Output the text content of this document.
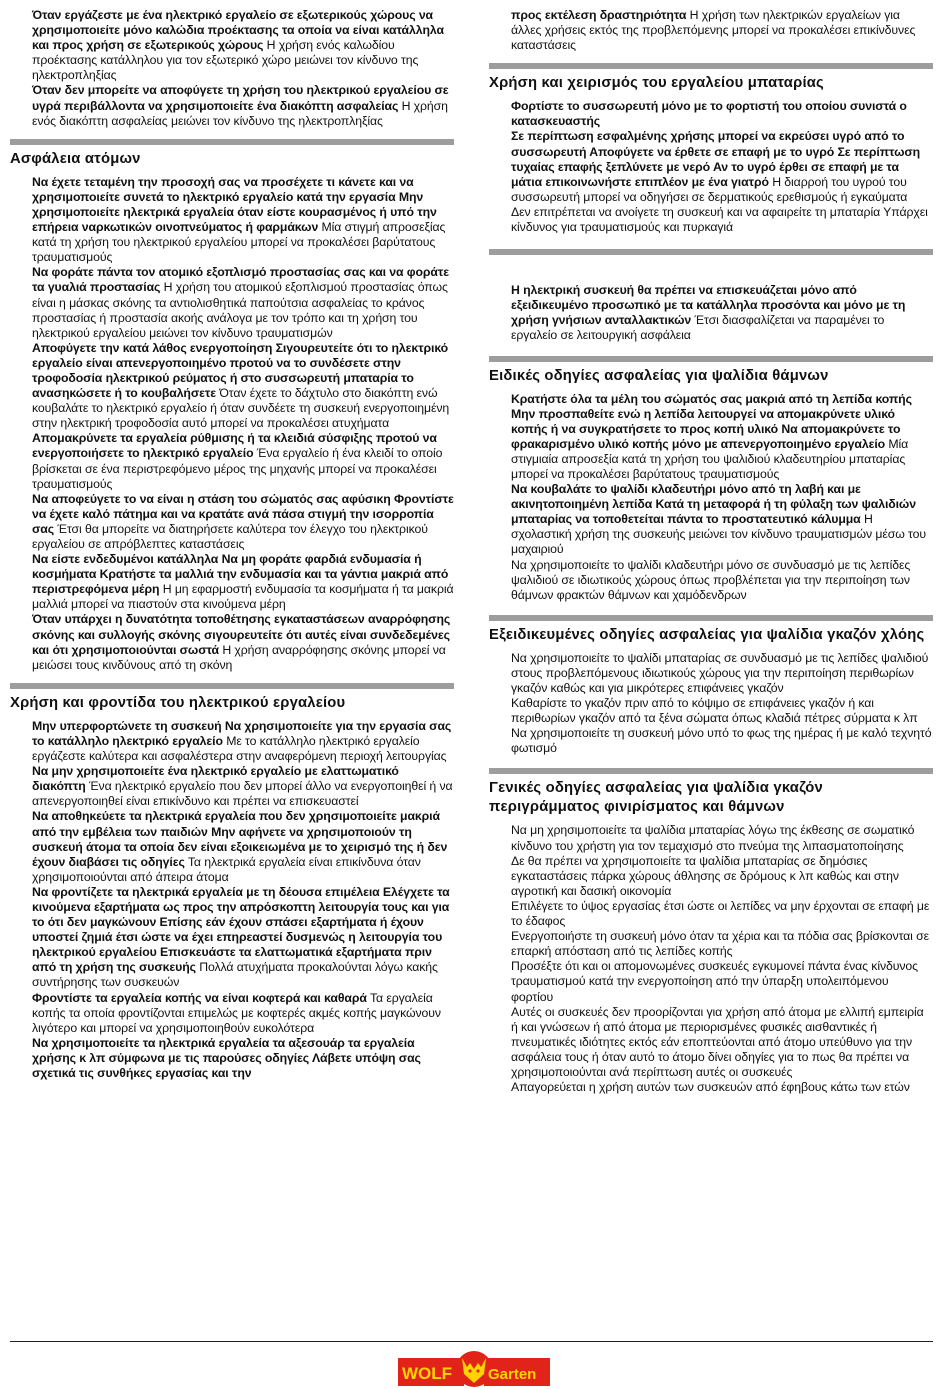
Όταν εργάζεστε με ένα ηλεκτρικό εργαλείο σε εξωτερικούς χώρους να χρησιμοποιείτε μόνο καλώδια προέκτασης τα οποία να είναι κατάλληλα και προς χρήση σε εξωτερικούς χώρους Η χρήση ενός καλωδίου προέκτασης κατάλληλου για τον εξωτερικό χώρο μειώνει τον κίνδυνο της ηλεκτροπληξίας

Όταν δεν μπορείτε να αποφύγετε τη χρήση του ηλεκτρικού εργαλείου σε υγρά περιβάλλοντα να χρησιμοποιείτε ένα διακόπτη ασφαλείας Η χρήση ενός διακόπτη ασφαλείας μειώνει τον κίνδυνο της ηλεκτροπληξίας

Ασφάλεια ατόμων

Να έχετε τεταμένη την προσοχή σας να προσέχετε τι κάνετε και να χρησιμοποιείτε συνετά το ηλεκτρικό εργαλείο κατά την εργασία Μην χρησιμοποιείτε ηλεκτρικά εργαλεία όταν είστε κουρασμένος ή υπό την επήρεια ναρκωτικών οινοπνεύματος ή φαρμάκων Μία στιγμή απροσεξίας κατά τη χρήση του ηλεκτρικού εργαλείου μπορεί να προκαλέσει βαρύτατους τραυματισμούς

Να φοράτε πάντα τον ατομικό εξοπλισμό προστασίας σας και να φοράτε τα γυαλιά προστασίας Η χρήση του ατομικού εξοπλισμού προστασίας όπως είναι η μάσκας σκόνης τα αντιολισθητικά παπούτσια ασφαλείας το κράνος προστασίας ή προστασία ακοής ανάλογα με τον τρόπο και τη χρήση του ηλεκτρικού εργαλείου μειώνει τον κίνδυνο τραυματισμών

Αποφύγετε την κατά λάθος ενεργοποίηση Σιγουρευτείτε ότι το ηλεκτρικό εργαλείο είναι απενεργοποιημένο προτού να το συνδέσετε στην τροφοδοσία ηλεκτρικού ρεύματος ή στο συσσωρευτή μπαταρία το ανασηκώσετε ή το κουβαλήσετε Όταν έχετε το δάχτυλο στο διακόπτη ενώ κουβαλάτε το ηλεκτρικό εργαλείο ή όταν συνδέετε τη συσκευή ενεργοποιημένη στην ηλεκτρική τροφοδοσία αυτό μπορεί να προκαλέσει ατυχήματα

Απομακρύνετε τα εργαλεία ρύθμισης ή τα κλειδιά σύσφιξης προτού να ενεργοποιήσετε το ηλεκτρικό εργαλείο Ένα εργαλείο ή ένα κλειδί το οποίο βρίσκεται σε ένα περιστρεφόμενο μέρος της μηχανής μπορεί να προκαλέσει τραυματισμούς

Να αποφεύγετε το να είναι η στάση του σώματός σας αφύσικη Φροντίστε να έχετε καλό πάτημα και να κρατάτε ανά πάσα στιγμή την ισορροπία σας Έτσι θα μπορείτε να διατηρήσετε καλύτερα τον έλεγχο του ηλεκτρικού εργαλείου σε απρόβλεπτες καταστάσεις

Να είστε ενδεδυμένοι κατάλληλα Να μη φοράτε φαρδιά ενδυμασία ή κοσμήματα Κρατήστε τα μαλλιά την ενδυμασία και τα γάντια μακριά από περιστρεφόμενα μέρη Η μη εφαρμοστή ενδυμασία τα κοσμήματα ή τα μακριά μαλλιά μπορεί να πιαστούν στα κινούμενα μέρη

Όταν υπάρχει η δυνατότητα τοποθέτησης εγκαταστάσεων αναρρόφησης σκόνης και συλλογής σκόνης σιγουρευτείτε ότι αυτές είναι συνδεδεμένες και ότι χρησιμοποιούνται σωστά Η χρήση αναρρόφησης σκόνης μπορεί να μειώσει τους κινδύνους από τη σκόνη

Χρήση και φροντίδα του ηλεκτρικού εργαλείου

Μην υπερφορτώνετε τη συσκευή Να χρησιμοποιείτε για την εργασία σας το κατάλληλο ηλεκτρικό εργαλείο Με το κατάλληλο ηλεκτρικό εργαλείο εργάζεστε καλύτερα και ασφαλέστερα στην αναφερόμενη περιοχή λειτουργίας

Να μην χρησιμοποιείτε ένα ηλεκτρικό εργαλείο με ελαττωματικό διακόπτη Ένα ηλεκτρικό εργαλείο που δεν μπορεί άλλο να ενεργοποιηθεί ή να απενεργοποιηθεί είναι επικίνδυνο και πρέπει να επισκευαστεί

Να αποθηκεύετε τα ηλεκτρικά εργαλεία που δεν χρησιμοποιείτε μακριά από την εμβέλεια των παιδιών Μην αφήνετε να χρησιμοποιούν τη συσκευή άτομα τα οποία δεν είναι εξοικειωμένα με το χειρισμό της ή δεν έχουν διαβάσει τις οδηγίες Τα ηλεκτρικά εργαλεία είναι επικίνδυνα όταν χρησιμοποιούνται από άπειρα άτομα

Να φροντίζετε τα ηλεκτρικά εργαλεία με τη δέουσα επιμέλεια Ελέγχετε τα κινούμενα εξαρτήματα ως προς την απρόσκοπτη λειτουργία τους και για το ότι δεν μαγκώνουν Επίσης εάν έχουν σπάσει εξαρτήματα ή έχουν υποστεί ζημιά έτσι ώστε να έχει επηρεαστεί δυσμενώς η λειτουργία του ηλεκτρικού εργαλείου Επισκευάστε τα ελαττωματικά εξαρτήματα πριν από τη χρήση της συσκευής Πολλά ατυχήματα προκαλούνται λόγω κακής συντήρησης των συσκευών

Φροντίστε τα εργαλεία κοπής να είναι κοφτερά και καθαρά Τα εργαλεία κοπής τα οποία φροντίζονται επιμελώς με κοφτερές ακμές κοπής μαγκώνουν λιγότερο και μπορεί να χρησιμοποιηθούν ευκολότερα

Να χρησιμοποιείτε τα ηλεκτρικά εργαλεία τα αξεσουάρ τα εργαλεία χρήσης κ λπ σύμφωνα με τις παρούσες οδηγίες Λάβετε υπόψη σας σχετικά τις συνθήκες εργασίας και την

προς εκτέλεση δραστηριότητα Η χρήση των ηλεκτρικών εργαλείων για άλλες χρήσεις εκτός της προβλεπόμενης μπορεί να προκαλέσει επικίνδυνες καταστάσεις

Χρήση και χειρισμός του εργαλείου μπαταρίας

Φορτίστε το συσσωρευτή μόνο με το φορτιστή του οποίου συνιστά ο κατασκευαστής

Σε περίπτωση εσφαλμένης χρήσης μπορεί να εκρεύσει υγρό από το συσσωρευτή Αποφύγετε να έρθετε σε επαφή με το υγρό Σε περίπτωση τυχαίας επαφής ξεπλύνετε με νερό Αν το υγρό έρθει σε επαφή με τα μάτια επικοινωνήστε επιπλέον με ένα γιατρό Η διαρροή του υγρού του συσσωρευτή μπορεί να οδηγήσει σε δερματικούς ερεθισμούς ή εγκαύματα

Δεν επιτρέπεται να ανοίγετε τη συσκευή και να αφαιρείτε τη μπαταρία Υπάρχει κίνδυνος για τραυματισμούς και πυρκαγιά

Η ηλεκτρική συσκευή θα πρέπει να επισκευάζεται μόνο από εξειδικευμένο προσωπικό με τα κατάλληλα προσόντα και μόνο με τη χρήση γνήσιων ανταλλακτικών Έτσι διασφαλίζεται να παραμένει το εργαλείο σε λειτουργική ασφάλεια

Ειδικές οδηγίες ασφαλείας για ψαλίδια θάμνων

Κρατήστε όλα τα μέλη του σώματός σας μακριά από τη λεπίδα κοπής Μην προσπαθείτε ενώ η λεπίδα λειτουργεί να απομακρύνετε υλικό κοπής ή να συγκρατήσετε το προς κοπή υλικό Να απομακρύνετε το φρακαρισμένο υλικό κοπής μόνο με απενεργοποιημένο εργαλείο Μία στιγμιαία απροσεξία κατά τη χρήση του ψαλιδιού κλαδευτηρίου μπαταρίας μπορεί να προκαλέσει βαρύτατους τραυματισμούς

Να κουβαλάτε το ψαλίδι κλαδευτήρι μόνο από τη λαβή και με ακινητοποιημένη λεπίδα Κατά τη μεταφορά ή τη φύλαξη των ψαλιδιών μπαταρίας να τοποθετείται πάντα το προστατευτικό κάλυμμα Η σχολαστική χρήση της συσκευής μειώνει τον κίνδυνο τραυματισμών μέσω του μαχαιριού

Να χρησιμοποιείτε το ψαλίδι κλαδευτήρι μόνο σε συνδυασμό με τις λεπίδες ψαλιδιού σε ιδιωτικούς χώρους όπως προβλέπεται για την περιποίηση των θάμνων φρακτών θάμνων και χαμόδενδρων

Εξειδικευμένες οδηγίες ασφαλείας για ψαλίδια γκαζόν χλόης

Να χρησιμοποιείτε το ψαλίδι μπαταρίας σε συνδυασμό με τις λεπίδες ψαλιδιού στους προβλεπόμενους ιδιωτικούς χώρους για την περιποίηση περιθωρίων γκαζόν καθώς και για μικρότερες επιφάνειες γκαζόν

Καθαρίστε το γκαζόν πριν από το κόψιμο σε επιφάνειες γκαζόν ή και περιθωρίων γκαζόν από τα ξένα σώματα όπως κλαδιά πέτρες σύρματα κ λπ

Να χρησιμοποιείτε τη συσκευή μόνο υπό το φως της ημέρας ή με καλό τεχνητό φωτισμό

Γενικές οδηγίες ασφαλείας για ψαλίδια γκαζόν περιγράμματος φινιρίσματος και θάμνων

Να μη χρησιμοποιείτε τα ψαλίδια μπαταρίας λόγω της έκθεσης σε σωματικό κίνδυνο του χρήστη για τον τεμαχισμό στο πνεύμα της λιπασματοποίησης

Δε θα πρέπει να χρησιμοποιείτε τα ψαλίδια μπαταρίας σε δημόσιες εγκαταστάσεις πάρκα χώρους άθλησης σε δρόμους κ λπ καθώς και στην αγροτική και δασική οικονομία

Επιλέγετε το ύψος εργασίας έτσι ώστε οι λεπίδες να μην έρχονται σε επαφή με το έδαφος

Ενεργοποιήστε τη συσκευή μόνο όταν τα χέρια και τα πόδια σας βρίσκονται σε επαρκή απόσταση από τις λεπίδες κοπής

Προσέξτε ότι και οι απομονωμένες συσκευές εγκυμονεί πάντα ένας κίνδυνος τραυματισμού κατά την ενεργοποίηση από την ύπαρξη υπολειπόμενου φορτίου

Αυτές οι συσκευές δεν προορίζονται για χρήση από άτομα με ελλιπή εμπειρία ή και γνώσεων ή από άτομα με περιορισμένες φυσικές αισθαντικές ή πνευματικές ιδιότητες εκτός εάν εποπτεύονται από άτομο υπεύθυνο για την ασφάλεια τους ή όταν αυτό το άτομο δίνει οδηγίες για το πως θα πρέπει να χρησιμοποιούνται ανά περίπτωση αυτές οι συσκευές

Απαγορεύεται η χρήση αυτών των συσκευών από έφηβους κάτω των ετών

WOLF Garten
